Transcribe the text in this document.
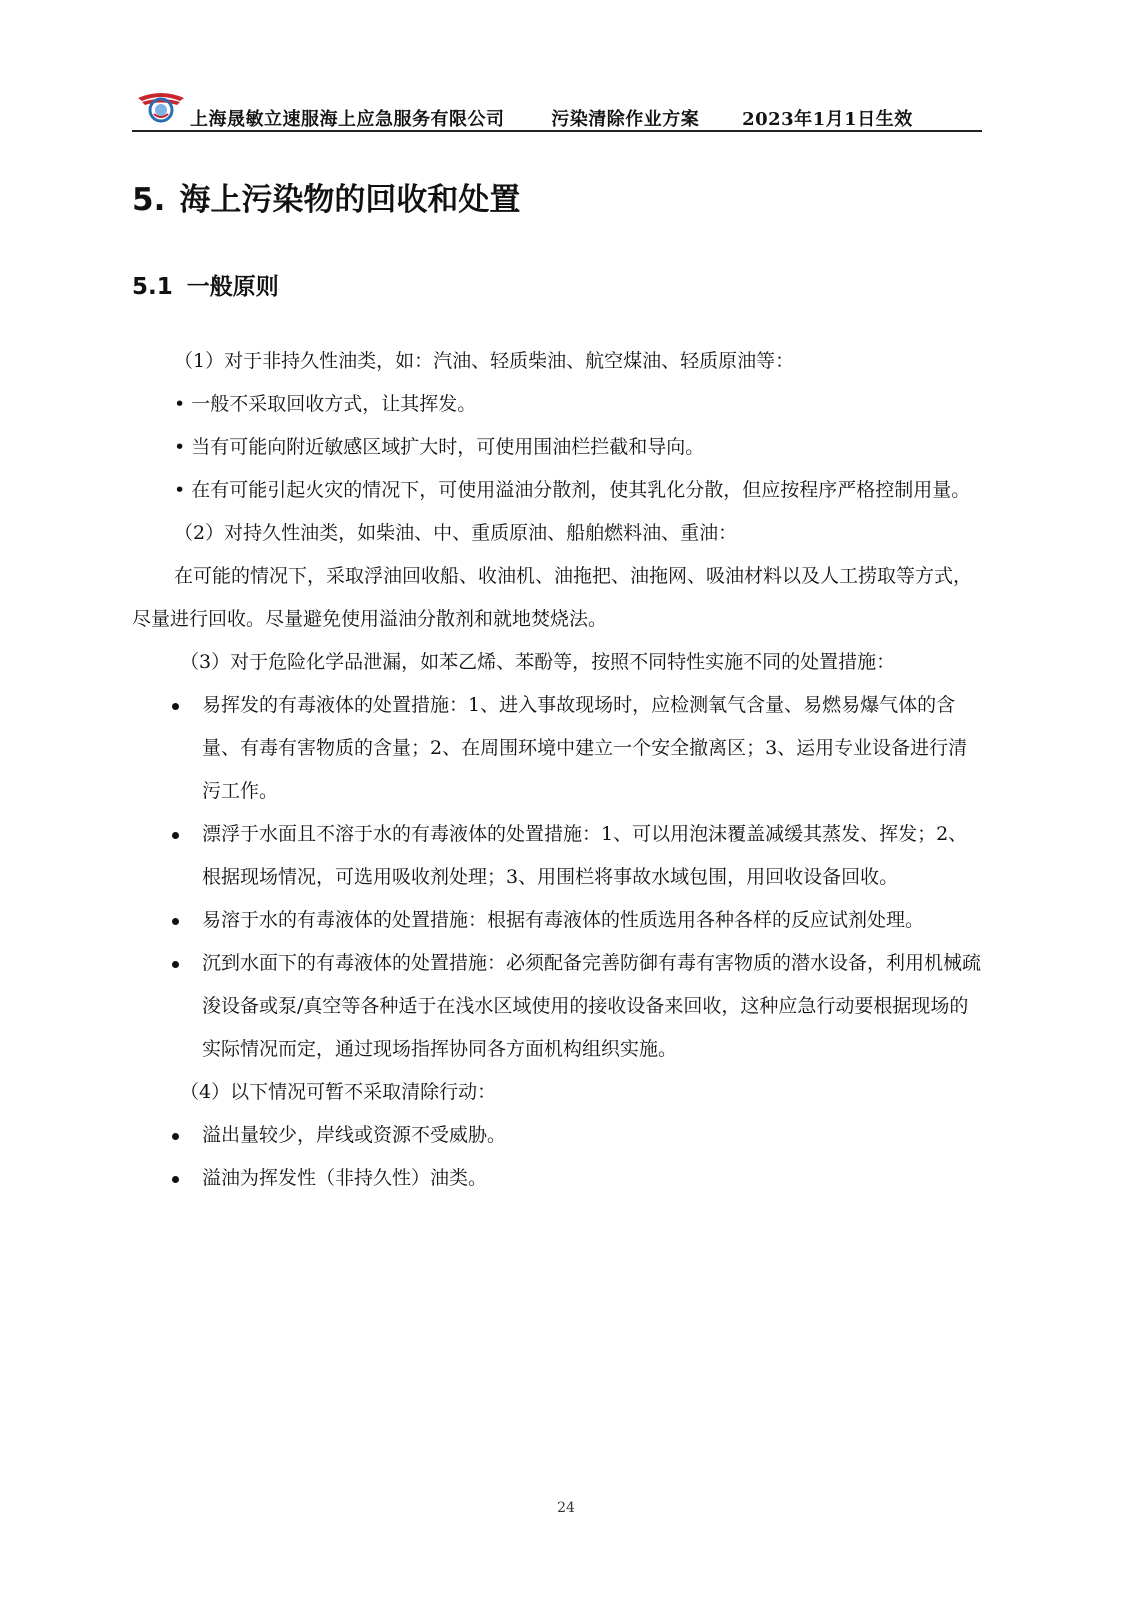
上海晟敏立速服海上应急服务有限公司	污染清除作业方案 2023年1月1日生效
5. 海上污染物的回收和处置
5.1 一般原则

（1）对于非持久性油类，如：汽油、轻质柴油、航空煤油、轻质原油等：

• 一般不采取回收方式，让其挥发。

• 当有可能向附近敏感区域扩大时，可使用围油栏拦截和导向。

• 在有可能引起火灾的情况下，可使用溢油分散剂，使其乳化分散，但应按程序严格控制用量。

（2）对持久性油类，如柴油、中、重质原油、船舶燃料油、重油：

在可能的情况下，采取浮油回收船、收油机、油拖把、油拖网、吸油材料以及人工捞取等方式，尽量进行回收。尽量避免使用溢油分散剂和就地焚烧法。

（3）对于危险化学品泄漏，如苯乙烯、苯酚等，按照不同特性实施不同的处置措施：

易挥发的有毒液体的处置措施：1、进入事故现场时，应检测氧气含量、易燃易爆气体的含量、有毒有害物质的含量；2、在周围环境中建立一个安全撤离区；3、运用专业设备进行清污工作。
漂浮于水面且不溶于水的有毒液体的处置措施：1、可以用泡沫覆盖减缓其蒸发、挥发；2、根据现场情况，可选用吸收剂处理；3、用围栏将事故水域包围，用回收设备回收。
易溶于水的有毒液体的处置措施：根据有毒液体的性质选用各种各样的反应试剂处理。
沉到水面下的有毒液体的处置措施：必须配备完善防御有毒有害物质的潜水设备，利用机械疏浚设备或泵/真空等各种适于在浅水区域使用的接收设备来回收，这种应急行动要根据现场的实际情况而定，通过现场指挥协同各方面机构组织实施。

（4）以下情况可暂不采取清除行动：

溢出量较少，岸线或资源不受威胁。
溢油为挥发性（非持久性）油类。
24
